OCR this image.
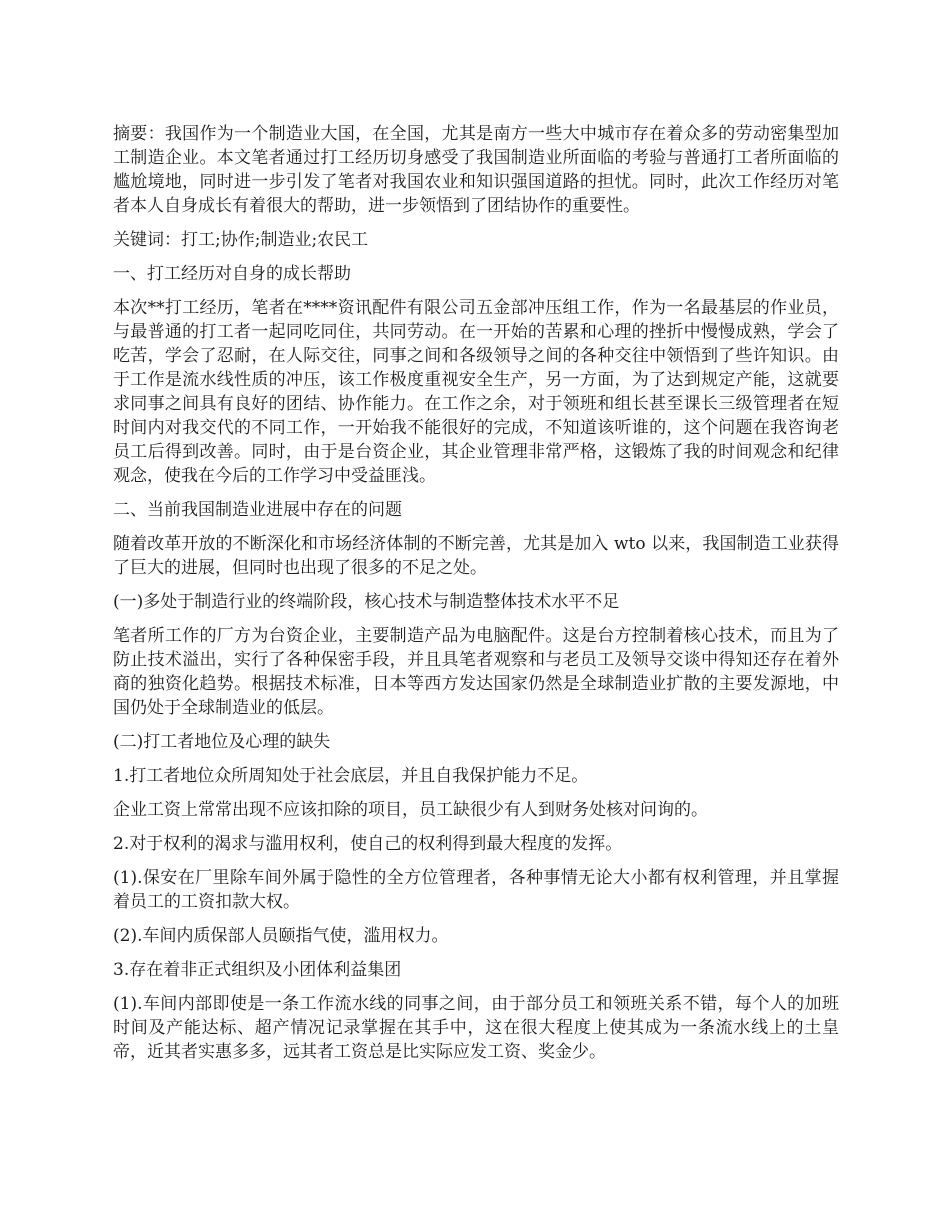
摘要：我国作为一个制造业大国，在全国，尤其是南方一些大中城市存在着众多的劳动密集型加工制造企业。本文笔者通过打工经历切身感受了我国制造业所面临的考验与普通打工者所面临的尴尬境地，同时进一步引发了笔者对我国农业和知识强国道路的担忧。同时，此次工作经历对笔者本人自身成长有着很大的帮助，进一步领悟到了团结协作的重要性。

关键词：打工;协作;制造业;农民工

一、打工经历对自身的成长帮助

本次**打工经历，笔者在****资讯配件有限公司五金部冲压组工作，作为一名最基层的作业员，与最普通的打工者一起同吃同住，共同劳动。在一开始的苦累和心理的挫折中慢慢成熟，学会了吃苦，学会了忍耐，在人际交往，同事之间和各级领导之间的各种交往中领悟到了些许知识。由于工作是流水线性质的冲压，该工作极度重视安全生产，另一方面，为了达到规定产能，这就要求同事之间具有良好的团结、协作能力。在工作之余，对于领班和组长甚至课长三级管理者在短时间内对我交代的不同工作，一开始我不能很好的完成，不知道该听谁的，这个问题在我咨询老员工后得到改善。同时，由于是台资企业，其企业管理非常严格，这锻炼了我的时间观念和纪律观念，使我在今后的工作学习中受益匪浅。

二、当前我国制造业进展中存在的问题

随着改革开放的不断深化和市场经济体制的不断完善，尤其是加入 wto 以来，我国制造工业获得了巨大的进展，但同时也出现了很多的不足之处。

(一)多处于制造行业的终端阶段，核心技术与制造整体技术水平不足

笔者所工作的厂方为台资企业，主要制造产品为电脑配件。这是台方控制着核心技术，而且为了防止技术溢出，实行了各种保密手段，并且具笔者观察和与老员工及领导交谈中得知还存在着外商的独资化趋势。根据技术标准，日本等西方发达国家仍然是全球制造业扩散的主要发源地，中国仍处于全球制造业的低层。

(二)打工者地位及心理的缺失

1.打工者地位众所周知处于社会底层，并且自我保护能力不足。

企业工资上常常出现不应该扣除的项目，员工缺很少有人到财务处核对问询的。

2.对于权利的渴求与滥用权利，使自己的权利得到最大程度的发挥。

(1).保安在厂里除车间外属于隐性的全方位管理者，各种事情无论大小都有权利管理，并且掌握着员工的工资扣款大权。

(2).车间内质保部人员颐指气使，滥用权力。

3.存在着非正式组织及小团体利益集团

(1).车间内部即使是一条工作流水线的同事之间，由于部分员工和领班关系不错，每个人的加班时间及产能达标、超产情况记录掌握在其手中，这在很大程度上使其成为一条流水线上的土皇帝，近其者实惠多多，远其者工资总是比实际应发工资、奖金少。
